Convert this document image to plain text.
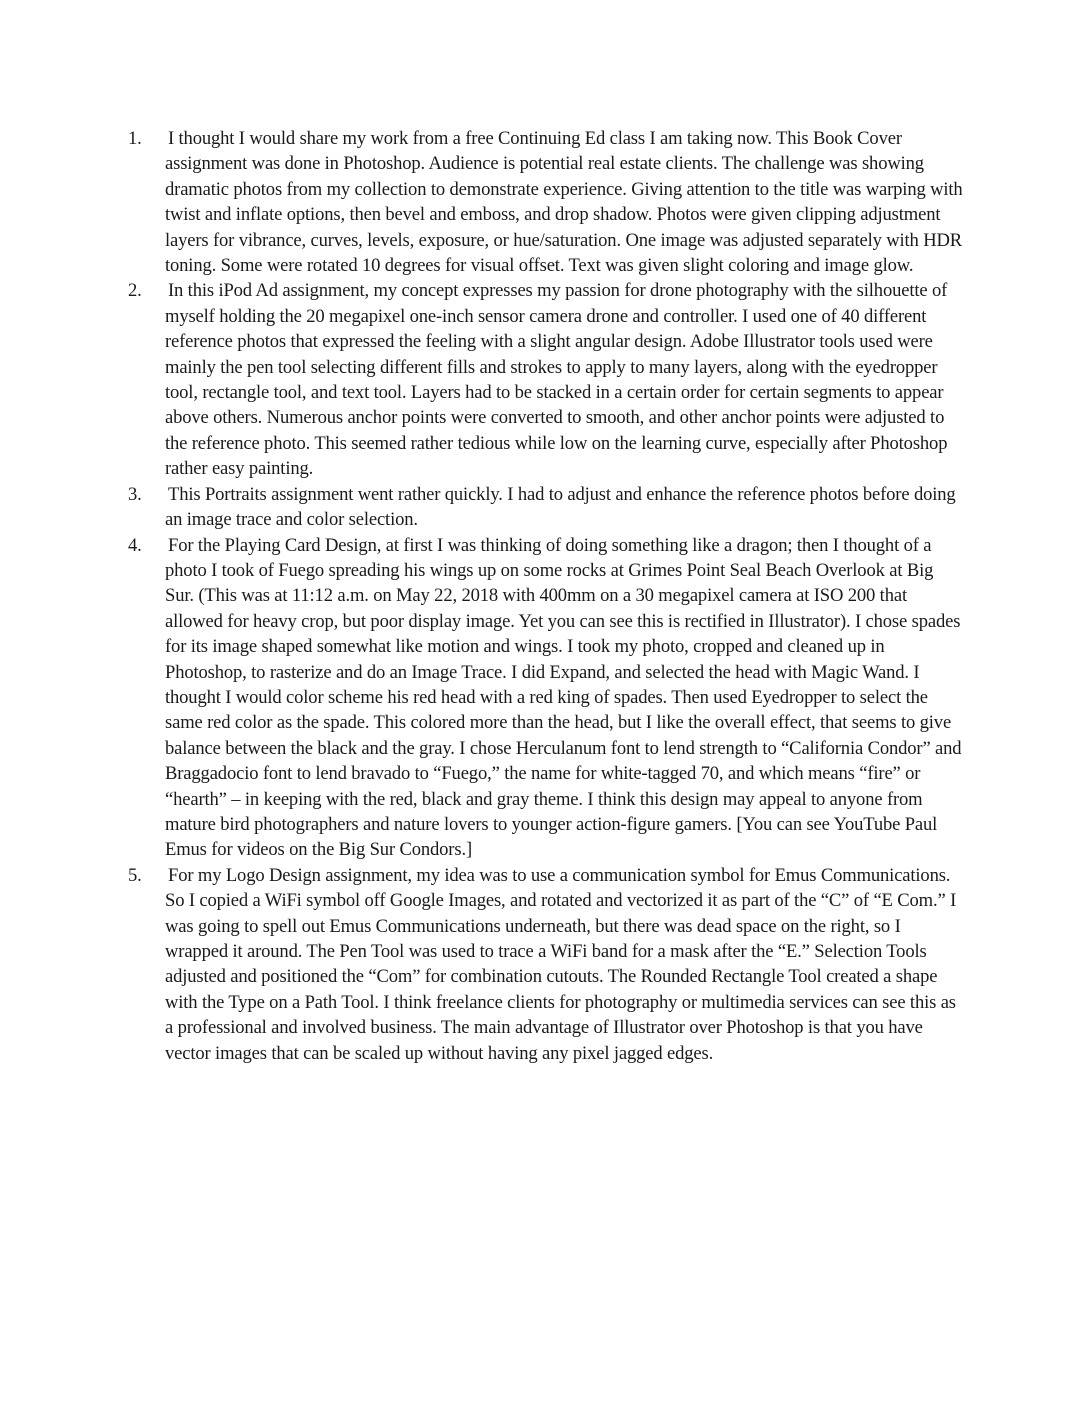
1. I thought I would share my work from a free Continuing Ed class I am taking now. This Book Cover assignment was done in Photoshop. Audience is potential real estate clients. The challenge was showing dramatic photos from my collection to demonstrate experience. Giving attention to the title was warping with twist and inflate options, then bevel and emboss, and drop shadow. Photos were given clipping adjustment layers for vibrance, curves, levels, exposure, or hue/saturation. One image was adjusted separately with HDR toning. Some were rotated 10 degrees for visual offset. Text was given slight coloring and image glow.
2. In this iPod Ad assignment, my concept expresses my passion for drone photography with the silhouette of myself holding the 20 megapixel one-inch sensor camera drone and controller. I used one of 40 different reference photos that expressed the feeling with a slight angular design. Adobe Illustrator tools used were mainly the pen tool selecting different fills and strokes to apply to many layers, along with the eyedropper tool, rectangle tool, and text tool. Layers had to be stacked in a certain order for certain segments to appear above others. Numerous anchor points were converted to smooth, and other anchor points were adjusted to the reference photo. This seemed rather tedious while low on the learning curve, especially after Photoshop rather easy painting.
3. This Portraits assignment went rather quickly. I had to adjust and enhance the reference photos before doing an image trace and color selection.
4. For the Playing Card Design, at first I was thinking of doing something like a dragon; then I thought of a photo I took of Fuego spreading his wings up on some rocks at Grimes Point Seal Beach Overlook at Big Sur. (This was at 11:12 a.m. on May 22, 2018 with 400mm on a 30 megapixel camera at ISO 200 that allowed for heavy crop, but poor display image. Yet you can see this is rectified in Illustrator). I chose spades for its image shaped somewhat like motion and wings. I took my photo, cropped and cleaned up in Photoshop, to rasterize and do an Image Trace. I did Expand, and selected the head with Magic Wand. I thought I would color scheme his red head with a red king of spades. Then used Eyedropper to select the same red color as the spade. This colored more than the head, but I like the overall effect, that seems to give balance between the black and the gray. I chose Herculanum font to lend strength to “California Condor” and Braggadocio font to lend bravado to “Fuego,” the name for white-tagged 70, and which means “fire” or “hearth” – in keeping with the red, black and gray theme. I think this design may appeal to anyone from mature bird photographers and nature lovers to younger action-figure gamers. [You can see YouTube Paul Emus for videos on the Big Sur Condors.]
5. For my Logo Design assignment, my idea was to use a communication symbol for Emus Communications. So I copied a WiFi symbol off Google Images, and rotated and vectorized it as part of the “C” of “E Com.” I was going to spell out Emus Communications underneath, but there was dead space on the right, so I wrapped it around. The Pen Tool was used to trace a WiFi band for a mask after the “E.” Selection Tools adjusted and positioned the “Com” for combination cutouts. The Rounded Rectangle Tool created a shape with the Type on a Path Tool. I think freelance clients for photography or multimedia services can see this as a professional and involved business. The main advantage of Illustrator over Photoshop is that you have vector images that can be scaled up without having any pixel jagged edges.
